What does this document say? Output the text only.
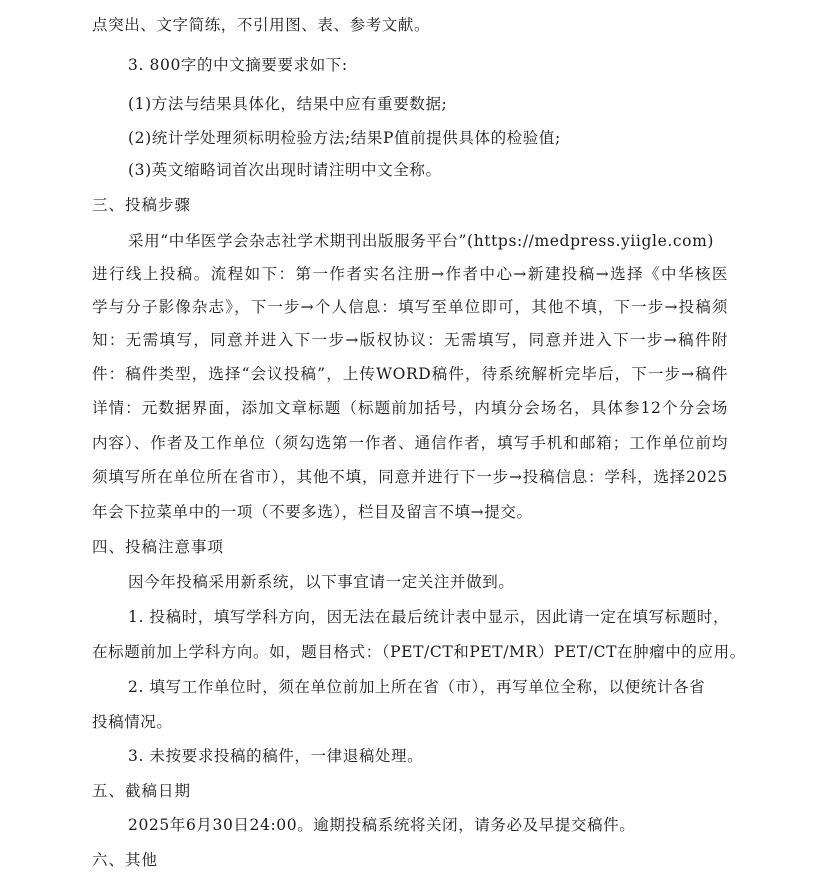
点突出、文字简练，不引用图、表、参考文献。

3. 800字的中文摘要要求如下:

(1)方法与结果具体化，结果中应有重要数据;

(2)统计学处理须标明检验方法;结果P值前提供具体的检验值;

(3)英文缩略词首次出现时请注明中文全称。

三、投稿步骤

采用“中华医学会杂志社学术期刊出版服务平台”(https://medpress.yiigle.com)

进行线上投稿。流程如下：第一作者实名注册→作者中心→新建投稿→选择《中华核医

学与分子影像杂志》，下一步→个人信息：填写至单位即可，其他不填，下一步→投稿须

知：无需填写，同意并进入下一步→版权协议：无需填写，同意并进入下一步→稿件附

件：稿件类型，选择“会议投稿”，上传WORD稿件，待系统解析完毕后，下一步→稿件

详情：元数据界面，添加文章标题（标题前加括号，内填分会场名，具体参12个分会场

内容）、作者及工作单位（须勾选第一作者、通信作者，填写手机和邮箱；工作单位前均

须填写所在单位所在省市），其他不填，同意并进行下一步→投稿信息：学科，选择2025

年会下拉菜单中的一项（不要多选），栏目及留言不填→提交。

四、投稿注意事项

因今年投稿采用新系统，以下事宜请一定关注并做到。

1. 投稿时，填写学科方向，因无法在最后统计表中显示，因此请一定在填写标题时，

在标题前加上学科方向。如，题目格式：（PET/CT和PET/MR）PET/CT在肿瘤中的应用。

2. 填写工作单位时，须在单位前加上所在省（市），再写单位全称，以便统计各省

投稿情况。

3. 未按要求投稿的稿件，一律退稿处理。

五、截稿日期

2025年6月30日24:00。逾期投稿系统将关闭，请务必及早提交稿件。

六、其他
